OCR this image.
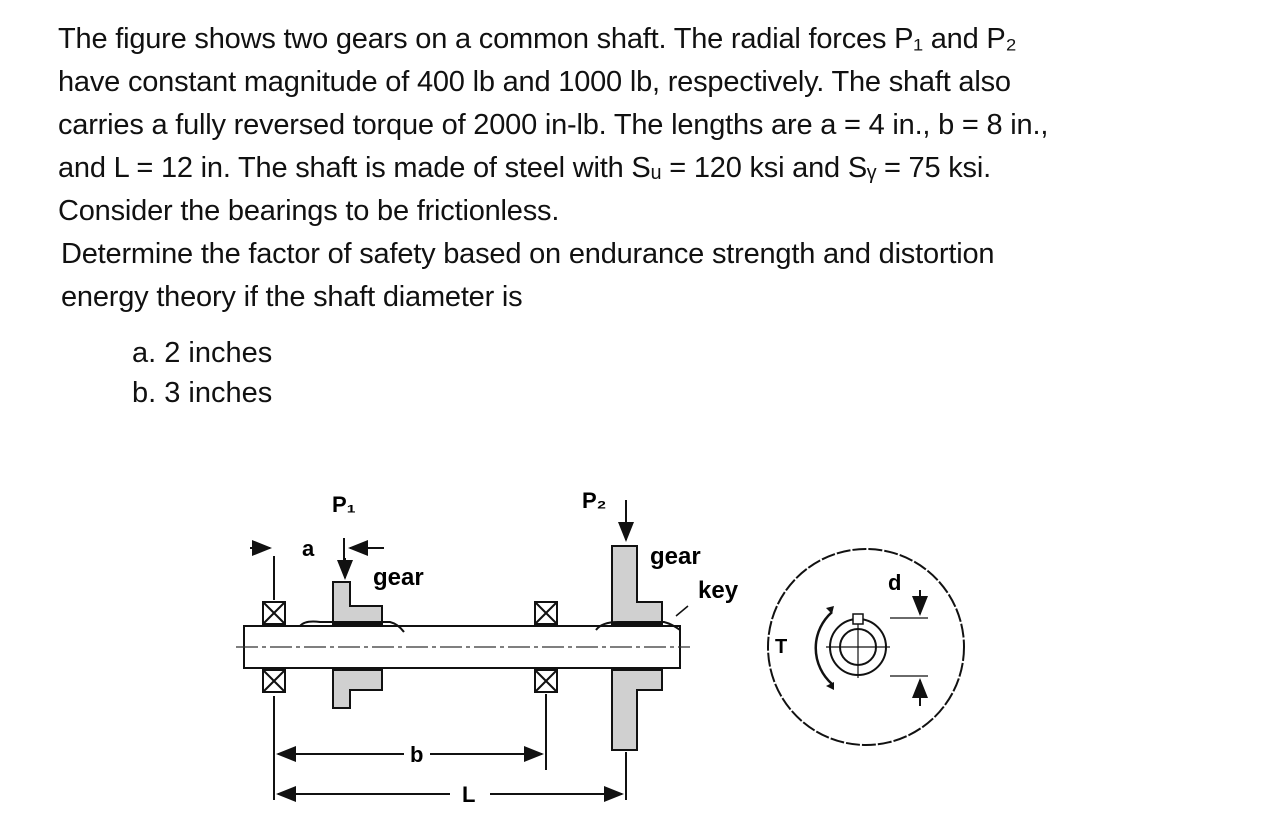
The figure shows two gears on a common shaft. The radial forces P₁ and P₂
have constant magnitude of 400 lb and 1000 lb, respectively. The shaft also
carries a fully reversed torque of 2000 in-lb. The lengths are a = 4 in., b = 8 in.,
and L = 12 in. The shaft is made of steel with Sᵤ = 120 ksi and Sᵧ = 75 ksi.
Consider the bearings to be frictionless.
Determine the factor of safety based on endurance strength and distortion
energy theory if the shaft diameter is
a. 2 inches
b. 3 inches
P₁	P₂
a
gear
gear
key	d
T
b
L
